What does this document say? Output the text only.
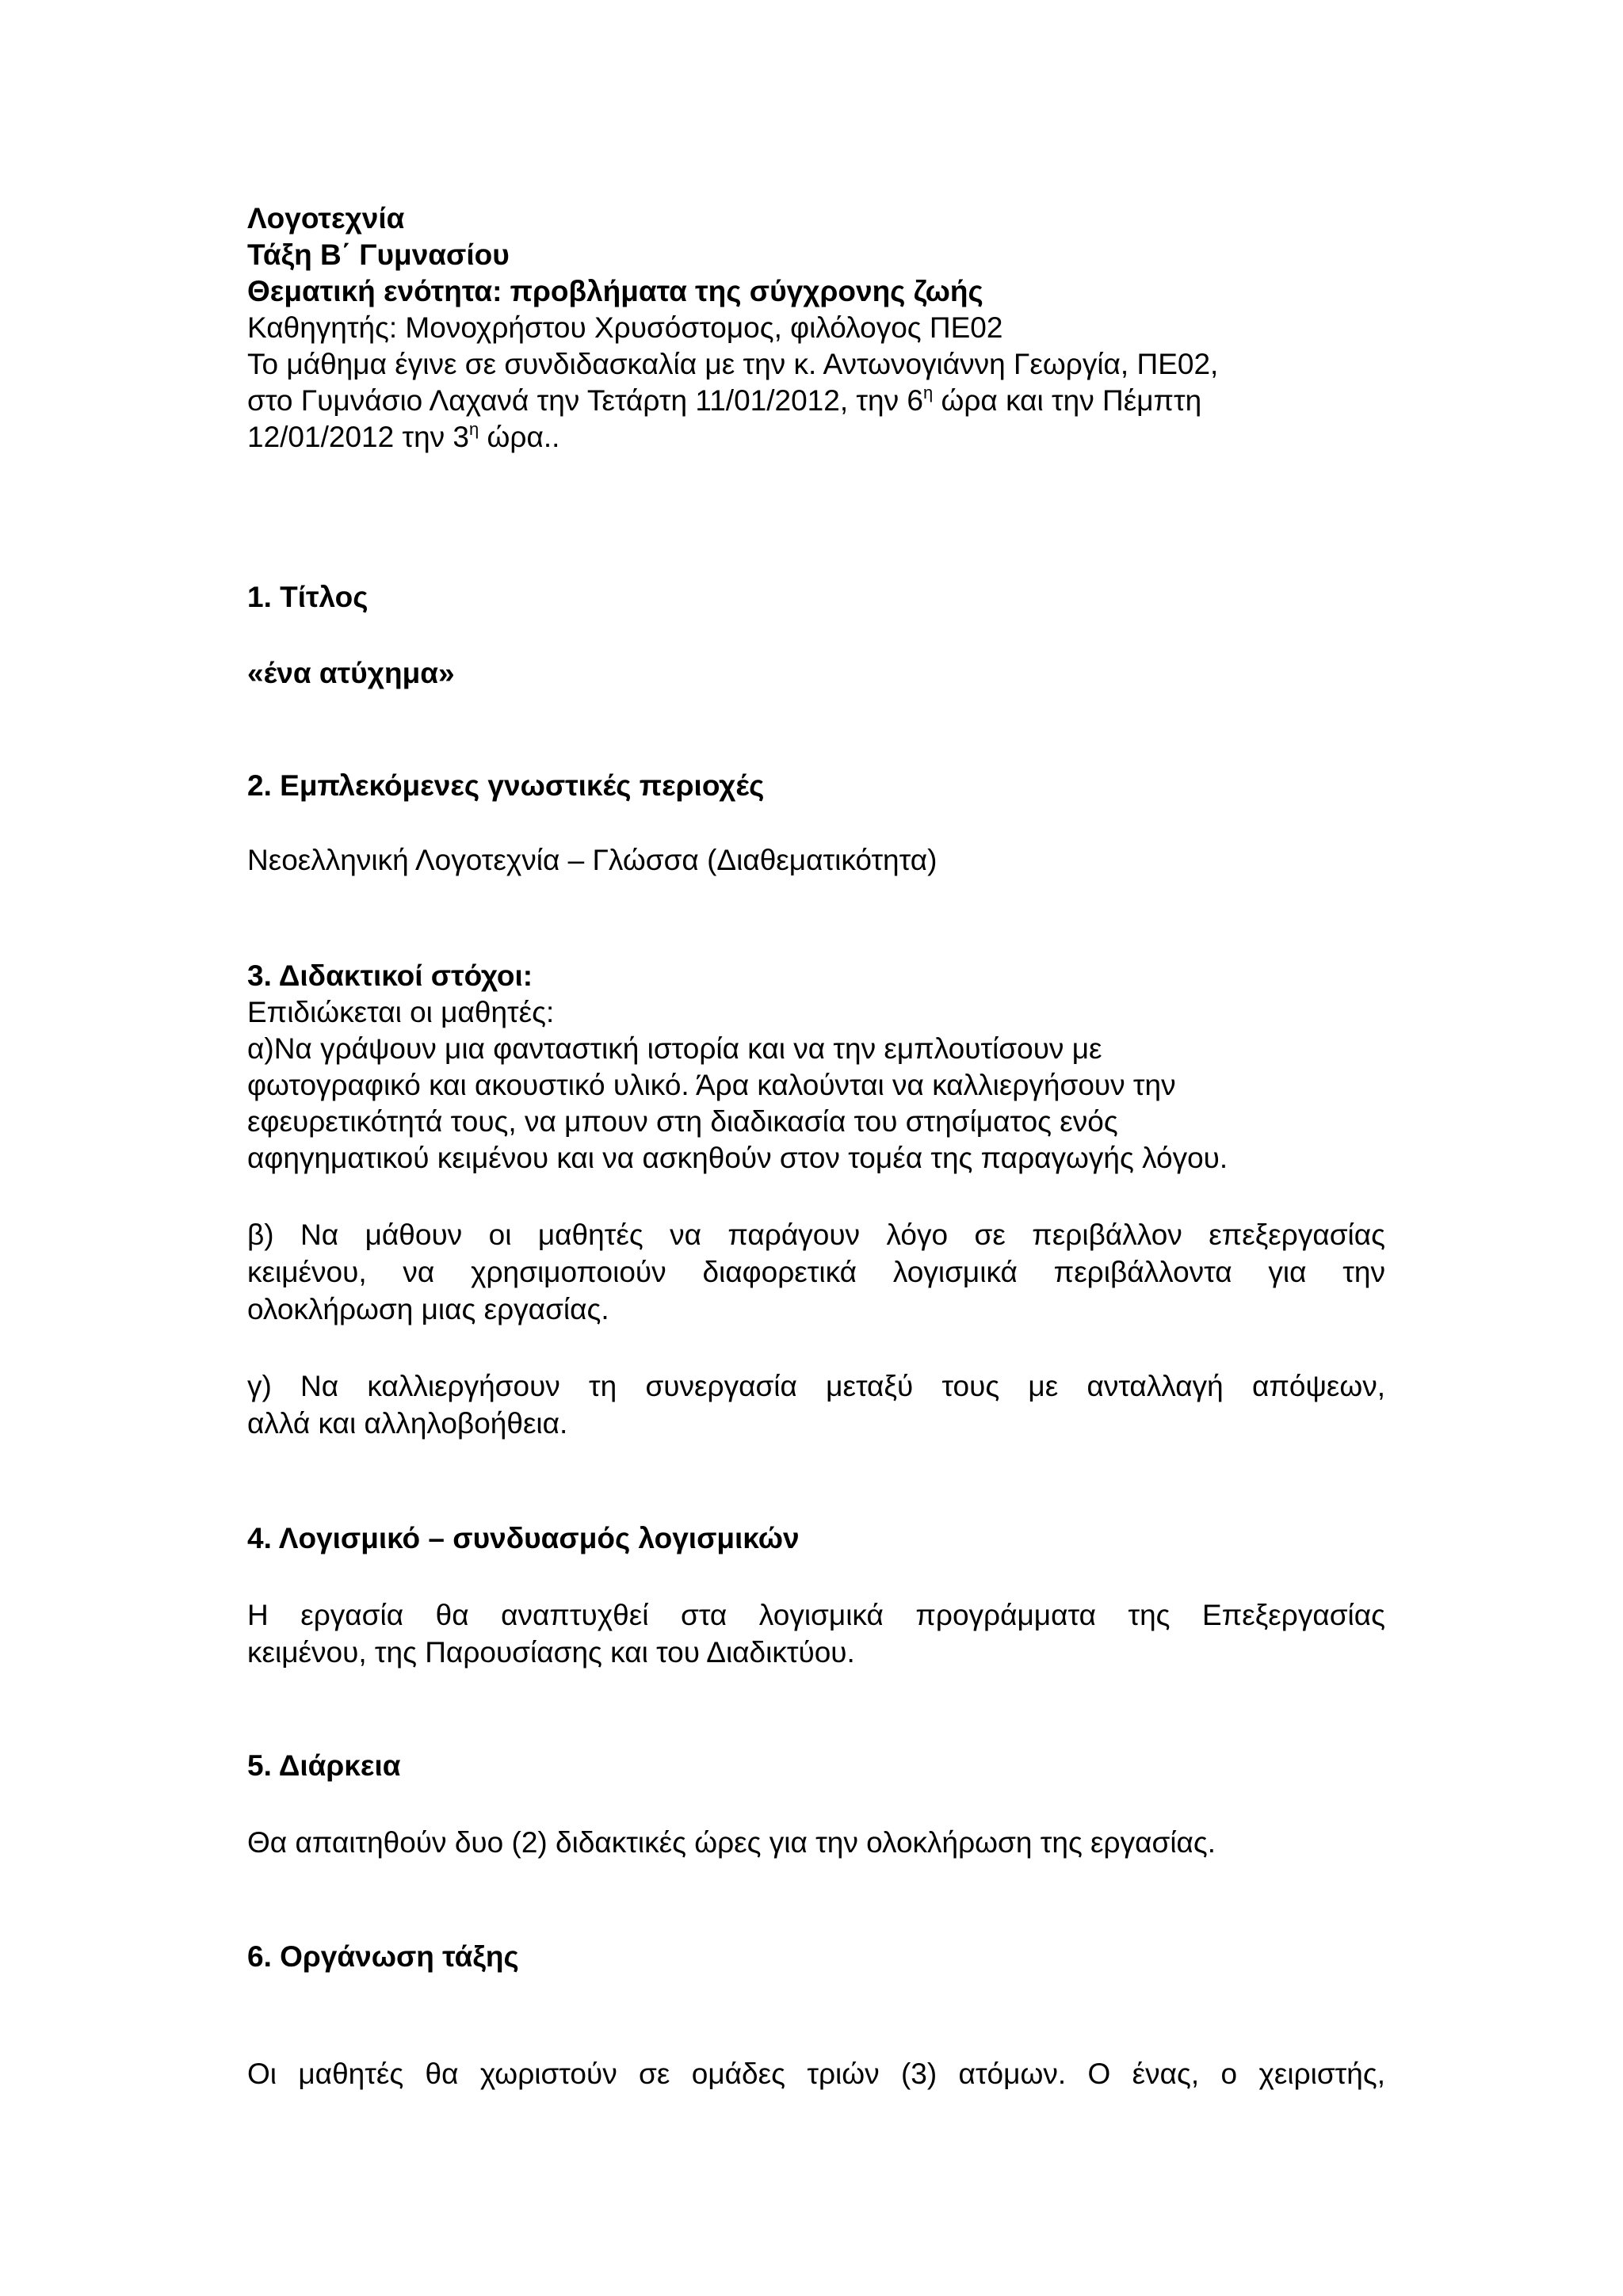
Λογοτεχνία

Τάξη Β΄ Γυμνασίου

Θεματική ενότητα: προβλήματα της σύγχρονης ζωής

Καθηγητής: Μονοχρήστου Χρυσόστομος, φιλόλογος ΠΕ02

Το μάθημα έγινε σε συνδιδασκαλία με την κ. Αντωνογιάννη Γεωργία, ΠΕ02,

στο Γυμνάσιο Λαχανά την Τετάρτη 11/01/2012, την $6^\eta$ ώρα και την Πέμπτη

12/01/2012 την $3^\eta$ ώρα..

1. Τίτλος

«ένα ατύχημα»

2. Εμπλεκόμενες γνωστικές περιοχές

Νεοελληνική Λογοτεχνία – Γλώσσα (Διαθεματικότητα)

3. Διδακτικοί στόχοι:

Επιδιώκεται οι μαθητές:

α)Να γράψουν μια φανταστική ιστορία και να την εμπλουτίσουν με

φωτογραφικό και ακουστικό υλικό. Άρα καλούνται να καλλιεργήσουν την

εφευρετικότητά τους, να μπουν στη διαδικασία του στησίματος ενός

αφηγηματικού κειμένου και να ασκηθούν στον τομέα της παραγωγής λόγου.

β) Να μάθουν οι μαθητές να παράγουν λόγο σε περιβάλλον επεξεργασίας

κειμένου, να χρησιμοποιούν διαφορετικά λογισμικά περιβάλλοντα για την

ολοκλήρωση μιας εργασίας.

γ) Να καλλιεργήσουν τη συνεργασία μεταξύ τους με ανταλλαγή απόψεων,

αλλά και αλληλοβοήθεια.

4. Λογισμικό – συνδυασμός λογισμικών

Η εργασία θα αναπτυχθεί στα λογισμικά προγράμματα της Επεξεργασίας

κειμένου, της Παρουσίασης και του Διαδικτύου.

5. Διάρκεια

Θα απαιτηθούν δυο (2) διδακτικές ώρες για την ολοκλήρωση της εργασίας.

6. Οργάνωση τάξης

Οι μαθητές θα χωριστούν σε ομάδες τριών (3) ατόμων. Ο ένας, ο χειριστής,
